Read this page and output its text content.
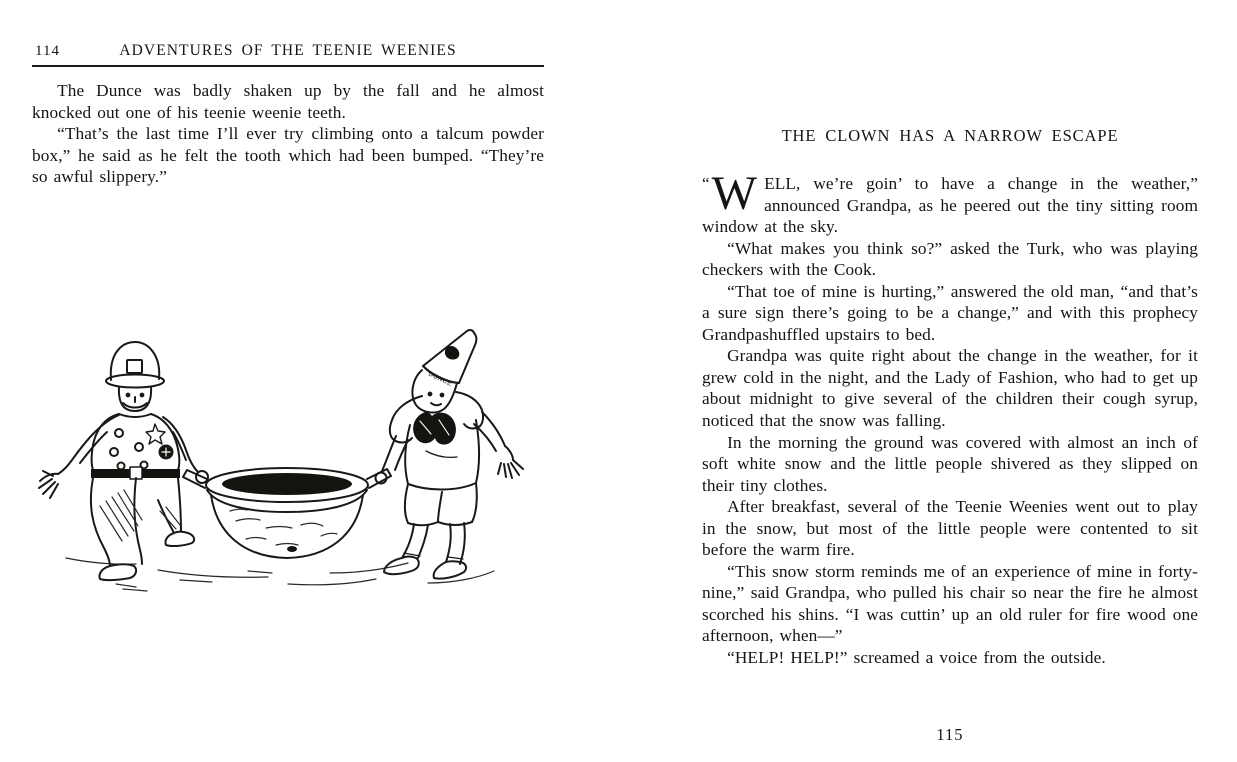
114	ADVENTURES OF THE TEENIE WEENIES

The Dunce was badly shaken up by the fall and he almost knocked out one of his teenie weenie teeth.

“That’s the last time I’ll ever try climbing onto a talcum powder box,” he said as he felt the tooth which had been bumped. “They’re so awful slippery.”

DUNCE
THE CLOWN HAS A NARROW ESCAPE

“ W ELL, we’re goin’ to have a change in the weather,” announced Grandpa, as he peered out the tiny sitting room window at the sky.

“What makes you think so?” asked the Turk, who was playing checkers with the Cook.

“That toe of mine is hurting,” answered the old man, “and that’s a sure sign there’s going to be a change,” and with this prophecy Grandpashuffled upstairs to bed.

Grandpa was quite right about the change in the weather, for it grew cold in the night, and the Lady of Fashion, who had to get up about midnight to give several of the children their cough syrup, noticed that the snow was falling.

In the morning the ground was covered with almost an inch of soft white snow and the little people shivered as they slipped on their tiny clothes.

After breakfast, several of the Teenie Weenies went out to play in the snow, but most of the little people were contented to sit before the warm fire.

“This snow storm reminds me of an experience of mine in forty-nine,” said Grandpa, who pulled his chair so near the fire he almost scorched his shins. “I was cuttin’ up an old ruler for fire wood one afternoon, when—”

“HELP! HELP!” screamed a voice from the outside.

115
